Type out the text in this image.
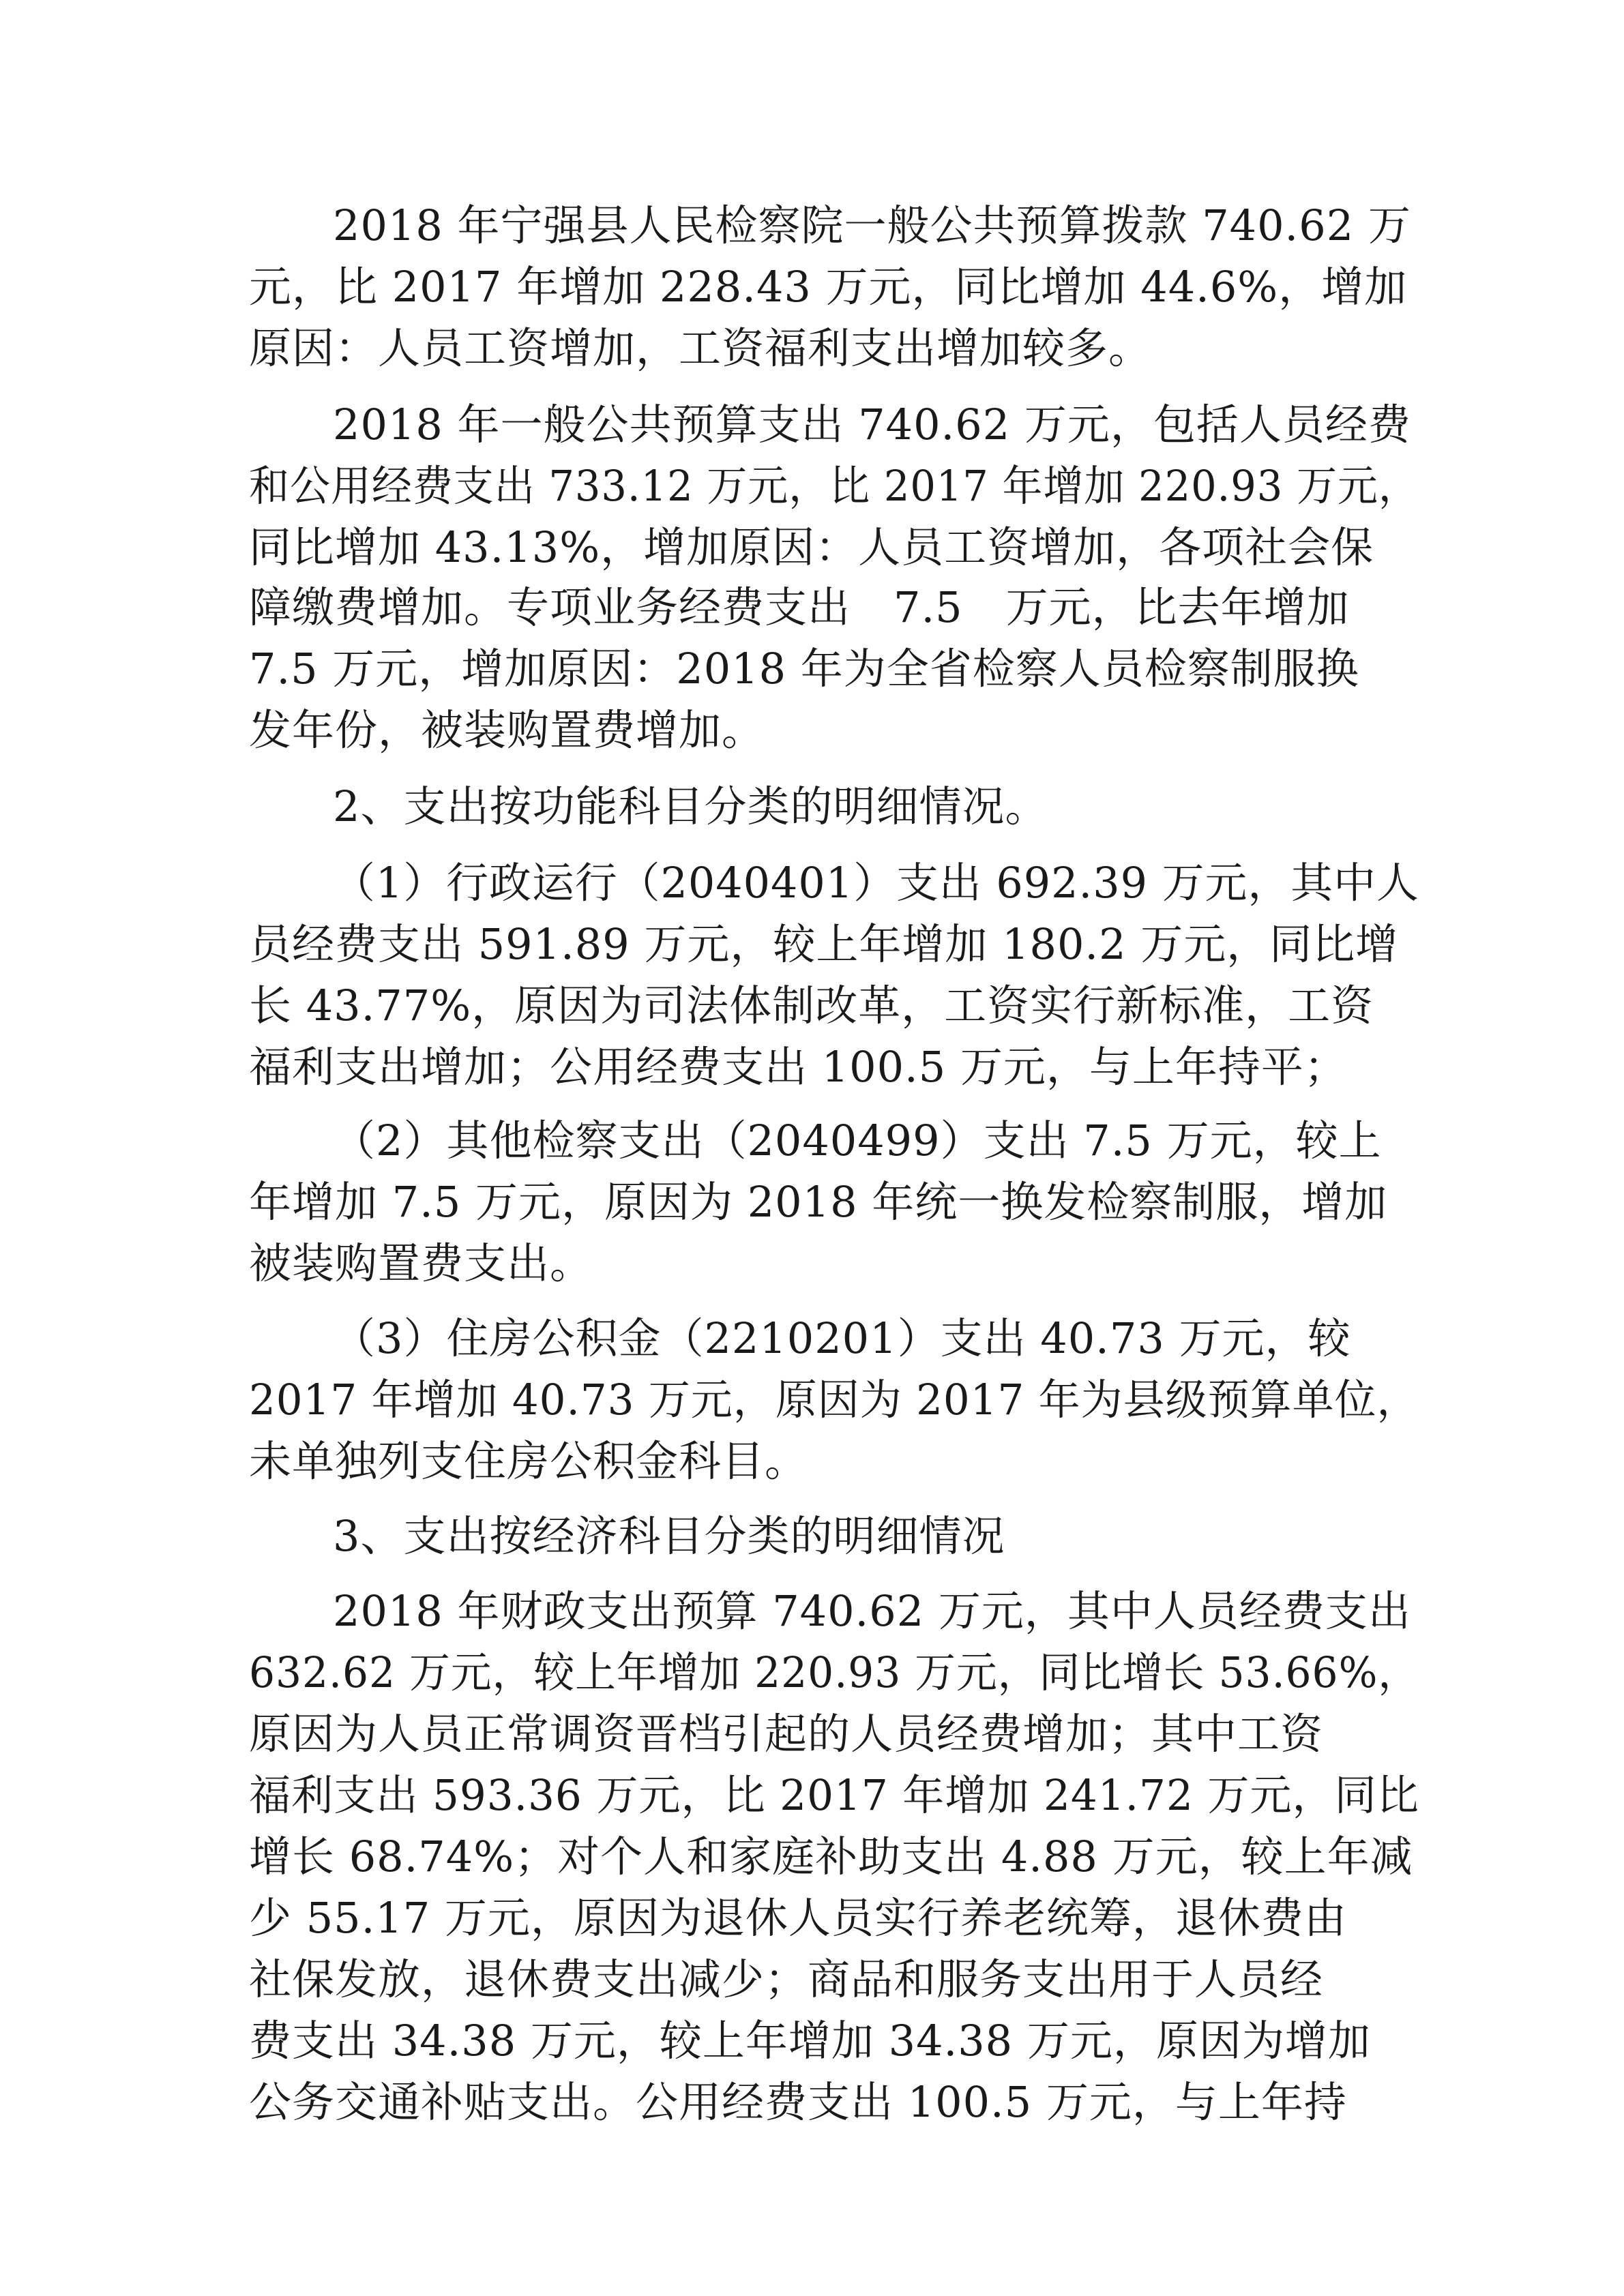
2018 年宁强县人民检察院一般公共预算拨款 740.62 万
元，比 2017 年增加 228.43 万元，同比增加 44.6%，增加
原因：人员工资增加，工资福利支出增加较多。
2018 年一般公共预算支出 740.62 万元，包括人员经费
和公用经费支出 733.12 万元，比 2017 年增加 220.93 万元，
同比增加 43.13%，增加原因：人员工资增加，各项社会保
障缴费增加。专项业务经费支出　7.5　万元，比去年增加
7.5 万元，增加原因：2018 年为全省检察人员检察制服换
发年份，被装购置费增加。
2、支出按功能科目分类的明细情况。
（1）行政运行（2040401）支出 692.39 万元，其中人
员经费支出 591.89 万元，较上年增加 180.2 万元，同比增
长 43.77%，原因为司法体制改革，工资实行新标准，工资
福利支出增加；公用经费支出 100.5 万元，与上年持平；
（2）其他检察支出（2040499）支出 7.5 万元，较上
年增加 7.5 万元，原因为 2018 年统一换发检察制服，增加
被装购置费支出。
（3）住房公积金（2210201）支出 40.73 万元，较
2017 年增加 40.73 万元，原因为 2017 年为县级预算单位，
未单独列支住房公积金科目。
3、支出按经济科目分类的明细情况
2018 年财政支出预算 740.62 万元，其中人员经费支出
632.62 万元，较上年增加 220.93 万元，同比增长 53.66%，
原因为人员正常调资晋档引起的人员经费增加；其中工资
福利支出 593.36 万元，比 2017 年增加 241.72 万元，同比
增长 68.74%；对个人和家庭补助支出 4.88 万元，较上年减
少 55.17 万元，原因为退休人员实行养老统筹，退休费由
社保发放，退休费支出减少；商品和服务支出用于人员经
费支出 34.38 万元，较上年增加 34.38 万元，原因为增加
公务交通补贴支出。公用经费支出 100.5 万元，与上年持
